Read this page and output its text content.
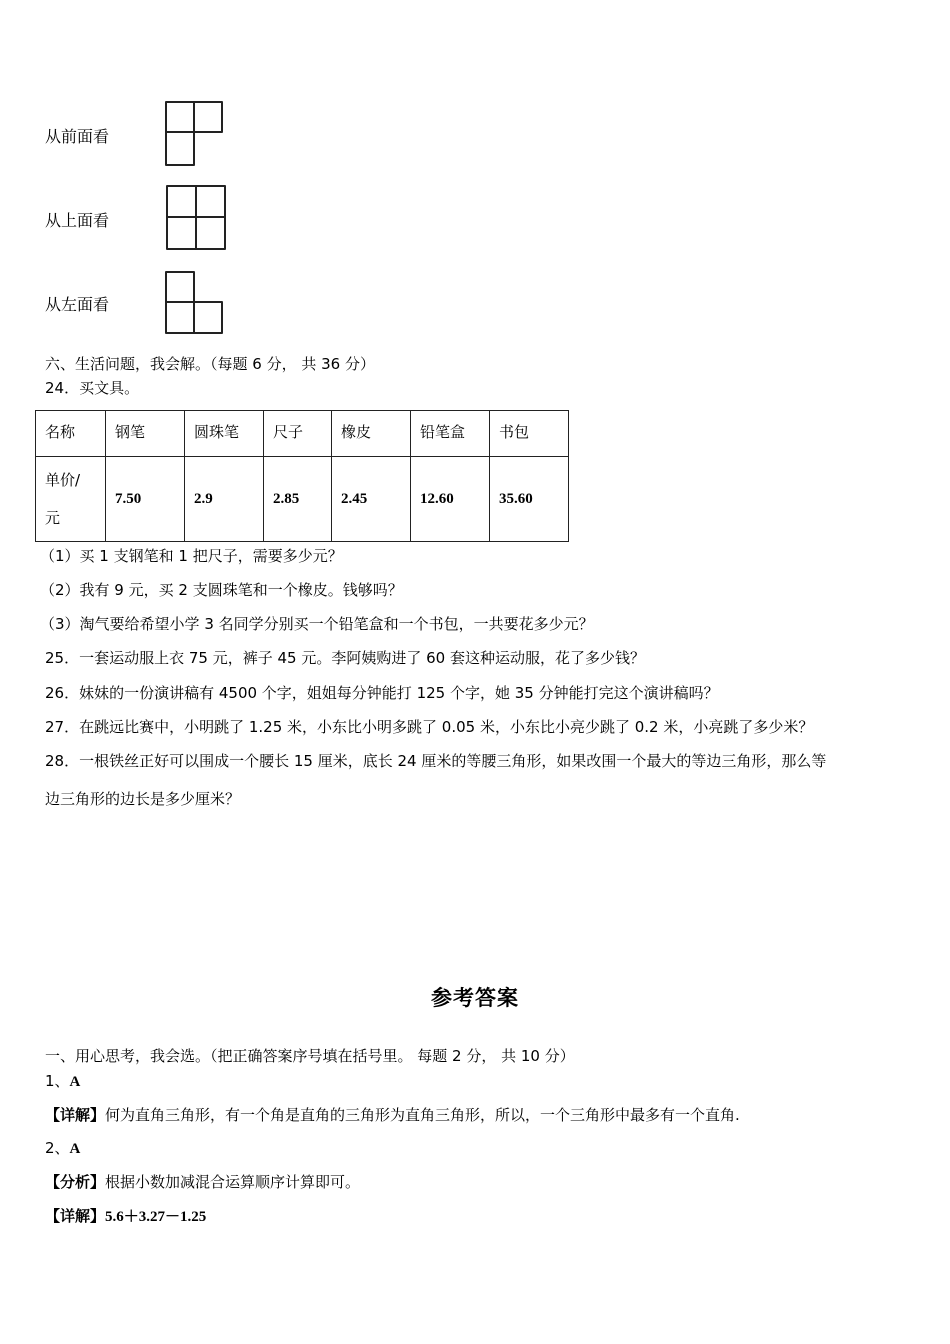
从前面看
从上面看
从左面看
六、生活问题，我会解。（每题 6 分， 共 36 分）
24．买文具。
名称	钢笔	圆珠笔	尺子	橡皮	铅笔盒	书包

单价/
元	7.50	2.9	2.85	2.45	12.60	35.60
（1）买 1 支钢笔和 1 把尺子，需要多少元？
（2）我有 9 元，买 2 支圆珠笔和一个橡皮。钱够吗？
（3）淘气要给希望小学 3 名同学分别买一个铅笔盒和一个书包，一共要花多少元？
25．一套运动服上衣 75 元，裤子 45 元。李阿姨购进了 60 套这种运动服，花了多少钱？
26．妹妹的一份演讲稿有 4500 个字，姐姐每分钟能打 125 个字，她 35 分钟能打完这个演讲稿吗？
27．在跳远比赛中，小明跳了 1.25 米，小东比小明多跳了 0.05 米，小东比小亮少跳了 0.2 米，小亮跳了多少米？
28．一根铁丝正好可以围成一个腰长 15 厘米，底长 24 厘米的等腰三角形，如果改围一个最大的等边三角形，那么等
边三角形的边长是多少厘米？
参考答案
一、用心思考，我会选。（把正确答案序号填在括号里。 每题 2 分， 共 10 分）
1、A
【详解】何为直角三角形，有一个角是直角的三角形为直角三角形，所以，一个三角形中最多有一个直角.
2、A
【分析】根据小数加减混合运算顺序计算即可。
【详解】5.6＋3.27－1.25
